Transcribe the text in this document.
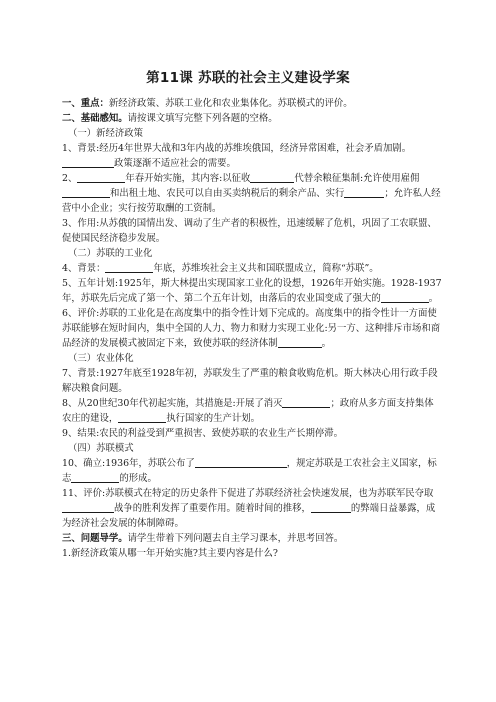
第11课 苏联的社会主义建设学案

一、重点：新经济政策、苏联工业化和农业集体化。苏联模式的评价。

二、基础感知。请按课文填写完整下列各题的空格。

（一）新经济政策

1、背景:经历4年世界大战和3年内战的苏维埃俄国，经济异常困难，社会矛盾加剧。政策逐渐不适应社会的需要。

2、	年春开始实施，其内容:以征收	代替余粮征集制:允许使用雇佣和出租土地、农民可以自由买卖纳税后的剩余产品、实行	；允许私人经营中小企业；实行按劳取酬的工资制。

3、作用:从苏俄的国情出发、调动了生产者的积极性，迅速缓解了危机，巩固了工农联盟、促使国民经济稳步发展。

（二）苏联的工业化

4、背景：	年底，苏维埃社会主义共和国联盟成立，简称“苏联”。

5、五年计划:1925年，斯大林提出实现国家工业化的设想，1926年开始实施。1928-1937年，苏联先后完成了第一个、第二个五年计划，由落后的农业国变成了强大的	。

6、评价:苏联的工业化是在高度集中的指令性计划下完成的。高度集中的指令性计一方面使苏联能够在短时间内，集中全国的人力、物力和财力实现工业化:另一方、这种排斥市场和商品经济的发展模式被固定下来，致使苏联的经济体制	。

（三）农业体化

7、背景:1927年底至1928年初，苏联发生了严重的粮食收购危机。斯大林决心用行政手段解决粮食问题。

8、从20世纪30年代初起实施，其措施是:开展了消灭	；政府从多方面支持集体农庄的建设，	执行国家的生产计划。

9、结果:农民的利益受到严重损害、致使苏联的农业生产长期停滞。

（四）苏联模式

10、确立:1936年，苏联公布了	，规定苏联是工农社会主义国家，标志	的形成。

11、评价:苏联模式在特定的历史条件下促进了苏联经济社会快速发展，也为苏联军民夺取战争的胜利发挥了重要作用。随着时间的推移，	的弊端日益暴露，成为经济社会发展的体制障碍。

三、问题导学。请学生带着下列问题去自主学习课本，并思考回答。

1.新经济政策从哪一年开始实施?其主要内容是什么?
